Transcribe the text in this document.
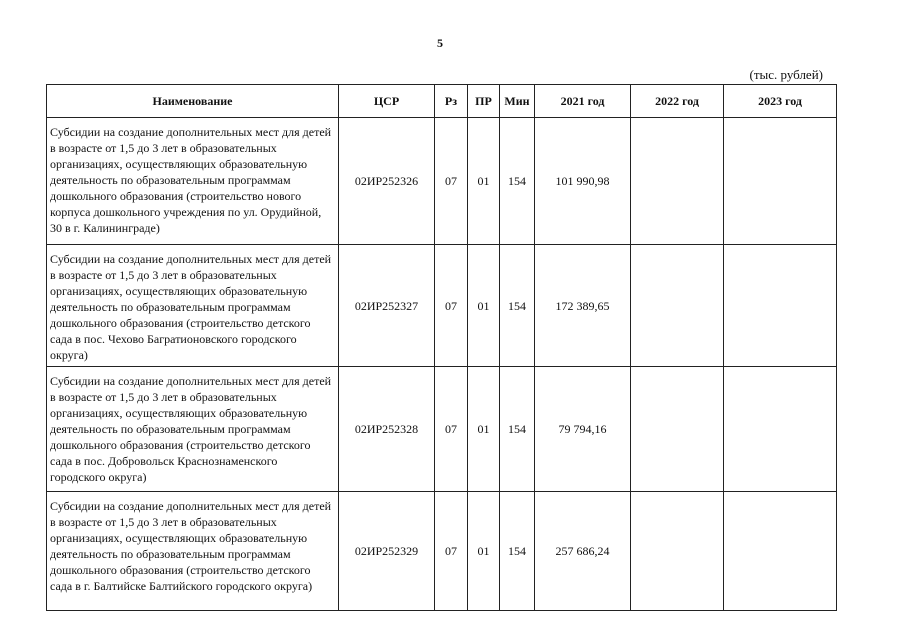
5
(тыс. рублей)
Наименование	ЦСР	Рз	ПР	Мин	2021 год	2022 год	2023 год
Субсидии на создание дополнительных мест для детей в возрасте от 1,5 до 3 лет в образовательных организациях, осуществляющих образовательную деятельность по образовательным программам дошкольного образования (строительство нового корпуса дошкольного учреждения по ул. Орудийной, 30 в г. Калининграде)	02ИР252326	07	01	154	101 990,98		
Субсидии на создание дополнительных мест для детей в возрасте от 1,5 до 3 лет в образовательных организациях, осуществляющих образовательную деятельность по образовательным программам дошкольного образования (строительство детского сада в пос. Чехово Багратионовского городского округа)	02ИР252327	07	01	154	172 389,65		
Субсидии на создание дополнительных мест для детей в возрасте от 1,5 до 3 лет в образовательных организациях, осуществляющих образовательную деятельность по образовательным программам дошкольного образования (строительство детского сада в пос. Добровольск Краснознаменского городского округа)	02ИР252328	07	01	154	79 794,16		
Субсидии на создание дополнительных мест для детей в возрасте от 1,5 до 3 лет в образовательных организациях, осуществляющих образовательную деятельность по образовательным программам дошкольного образования (строительство детского сада в г. Балтийске Балтийского городского округа)	02ИР252329	07	01	154	257 686,24		
